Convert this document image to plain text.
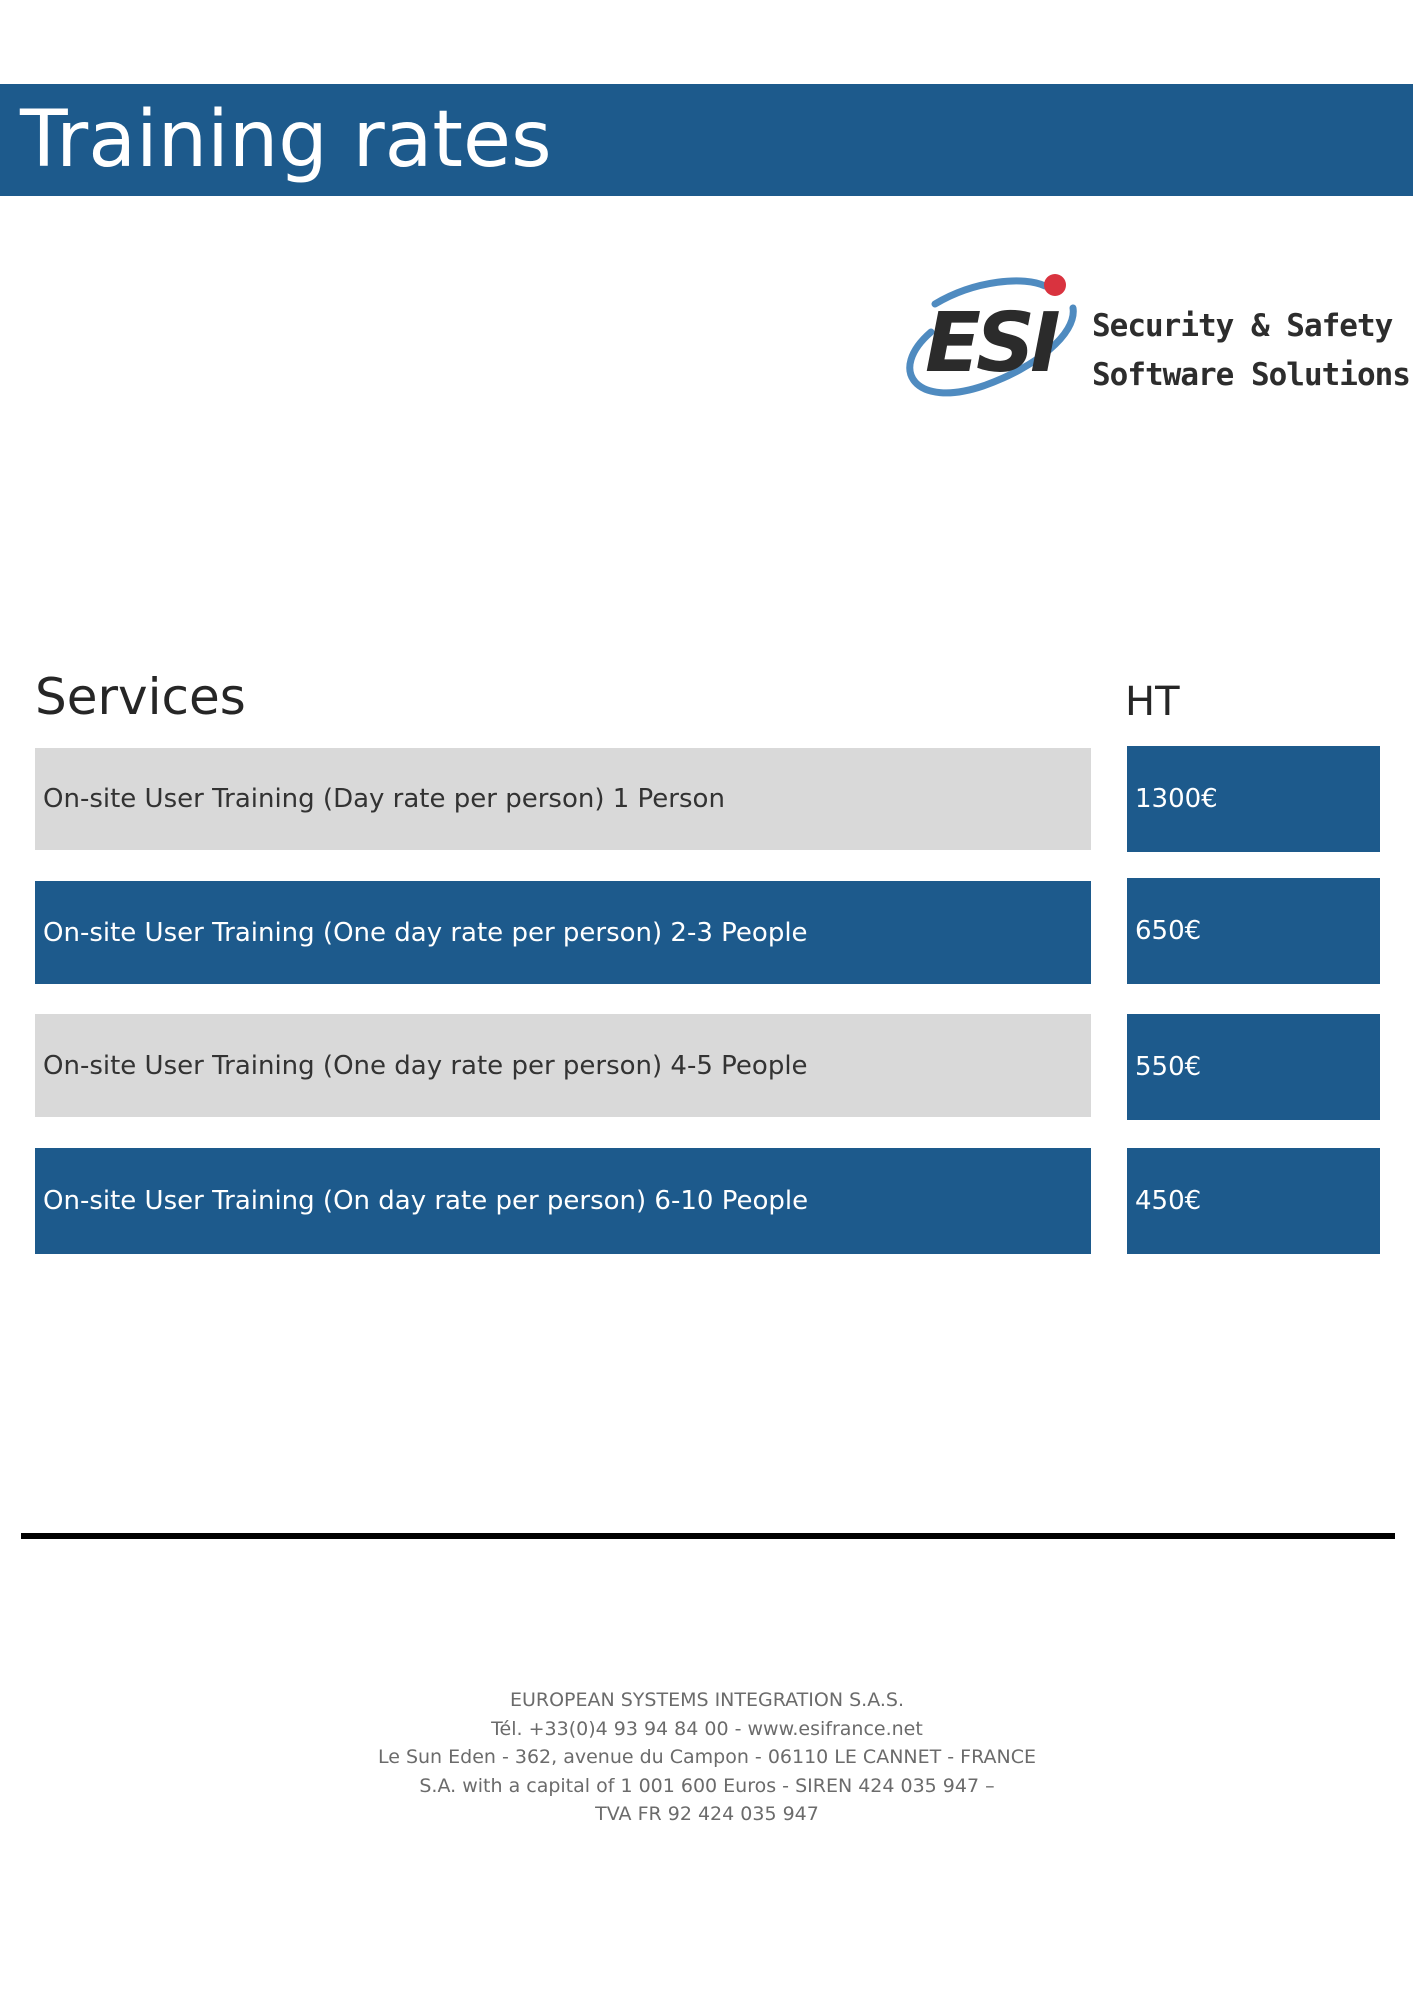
Training rates
ESI Security & Safety
Software Solutions
Services	HT
On-site User Training (Day rate per person) 1 Person	1300€
On-site User Training (One day rate per person) 2-3 People	650€
On-site User Training (One day rate per person) 4-5 People	550€
On-site User Training (On day rate per person) 6-10 People	450€
EUROPEAN SYSTEMS INTEGRATION S.A.S.
Tél. +33(0)4 93 94 84 00 - www.esifrance.net
Le Sun Eden - 362, avenue du Campon - 06110 LE CANNET - FRANCE
S.A. with a capital of 1 001 600 Euros - SIREN 424 035 947 –
TVA FR 92 424 035 947
